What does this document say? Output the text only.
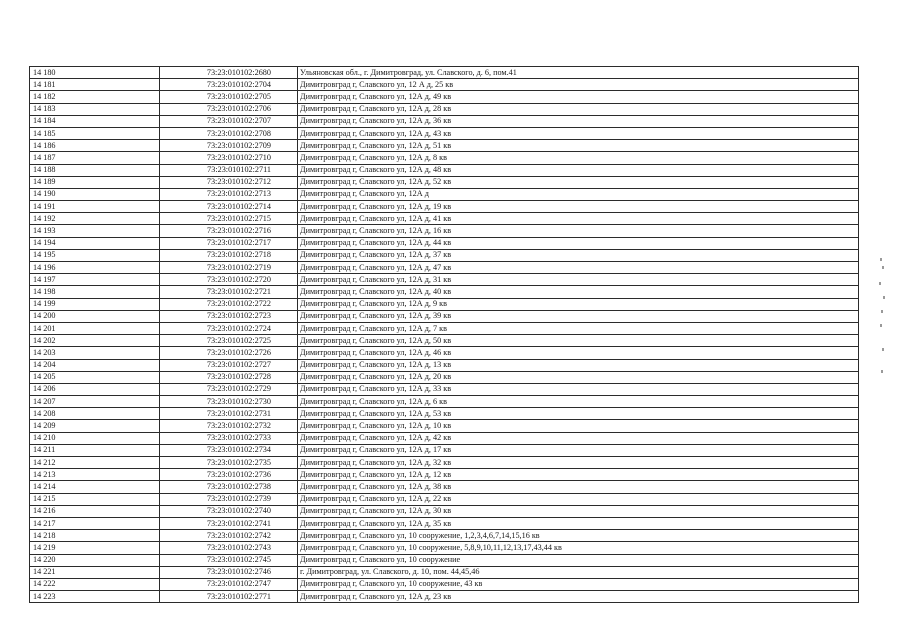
14 180	73:23:010102:2680	Ульяновская обл., г. Димитровград, ул. Славского, д. 6, пом.41
14 181	73:23:010102:2704	Димитровград г, Славского ул, 12 А д, 25 кв
14 182	73:23:010102:2705	Димитровград г, Славского ул, 12А д, 49 кв
14 183	73:23:010102:2706	Димитровград г, Славского ул, 12А д, 28 кв
14 184	73:23:010102:2707	Димитровград г, Славского ул, 12А д, 36 кв
14 185	73:23:010102:2708	Димитровград г, Славского ул, 12А д, 43 кв
14 186	73:23:010102:2709	Димитровград г, Славского ул, 12А д, 51 кв
14 187	73:23:010102:2710	Димитровград г, Славского ул, 12А д, 8 кв
14 188	73:23:010102:2711	Димитровград г, Славского ул, 12А д, 48 кв
14 189	73:23:010102:2712	Димитровград г, Славского ул, 12А д, 52 кв
14 190	73:23:010102:2713	Димитровград г, Славского ул, 12А д
14 191	73:23:010102:2714	Димитровград г, Славского ул, 12А д, 19 кв
14 192	73:23:010102:2715	Димитровград г, Славского ул, 12А д, 41 кв
14 193	73:23:010102:2716	Димитровград г, Славского ул, 12А д, 16 кв
14 194	73:23:010102:2717	Димитровград г, Славского ул, 12А д, 44 кв
14 195	73:23:010102:2718	Димитровград г, Славского ул, 12А д, 37 кв
14 196	73:23:010102:2719	Димитровград г, Славского ул, 12А д, 47 кв
14 197	73:23:010102:2720	Димитровград г, Славского ул, 12А д, 31 кв
14 198	73:23:010102:2721	Димитровград г, Славского ул, 12А д, 40 кв
14 199	73:23:010102:2722	Димитровград г, Славского ул, 12А д, 9 кв
14 200	73:23:010102:2723	Димитровград г, Славского ул, 12А д, 39 кв
14 201	73:23:010102:2724	Димитровград г, Славского ул, 12А д, 7 кв
14 202	73:23:010102:2725	Димитровград г, Славского ул, 12А д, 50 кв
14 203	73:23:010102:2726	Димитровград г, Славского ул, 12А д, 46 кв
14 204	73:23:010102:2727	Димитровград г, Славского ул, 12А д, 13 кв
14 205	73:23:010102:2728	Димитровград г, Славского ул, 12А д, 20 кв
14 206	73:23:010102:2729	Димитровград г, Славского ул, 12А д, 33 кв
14 207	73:23:010102:2730	Димитровград г, Славского ул, 12А д, 6 кв
14 208	73:23:010102:2731	Димитровград г, Славского ул, 12А д, 53 кв
14 209	73:23:010102:2732	Димитровград г, Славского ул, 12А д, 10 кв
14 210	73:23:010102:2733	Димитровград г, Славского ул, 12А д, 42 кв
14 211	73:23:010102:2734	Димитровград г, Славского ул, 12А д, 17 кв
14 212	73:23:010102:2735	Димитровград г, Славского ул, 12А д, 32 кв
14 213	73:23:010102:2736	Димитровград г, Славского ул, 12А д, 12 кв
14 214	73:23:010102:2738	Димитровград г, Славского ул, 12А д, 38 кв
14 215	73:23:010102:2739	Димитровград г, Славского ул, 12А д, 22 кв
14 216	73:23:010102:2740	Димитровград г, Славского ул, 12А д, 30 кв
14 217	73:23:010102:2741	Димитровград г, Славского ул, 12А д, 35 кв
14 218	73:23:010102:2742	Димитровград г, Славского ул, 10 сооружение, 1,2,3,4,6,7,14,15,16 кв
14 219	73:23:010102:2743	Димитровград г, Славского ул, 10 сооружение, 5,8,9,10,11,12,13,17,43,44 кв
14 220	73:23:010102:2745	Димитровград г, Славского ул, 10 сооружение
14 221	73:23:010102:2746	г. Димитровград, ул. Славского, д. 10, пом. 44,45,46
14 222	73:23:010102:2747	Димитровград г, Славского ул, 10 сооружение, 43 кв
14 223	73:23:010102:2771	Димитровград г, Славского ул, 12А д, 23 кв
